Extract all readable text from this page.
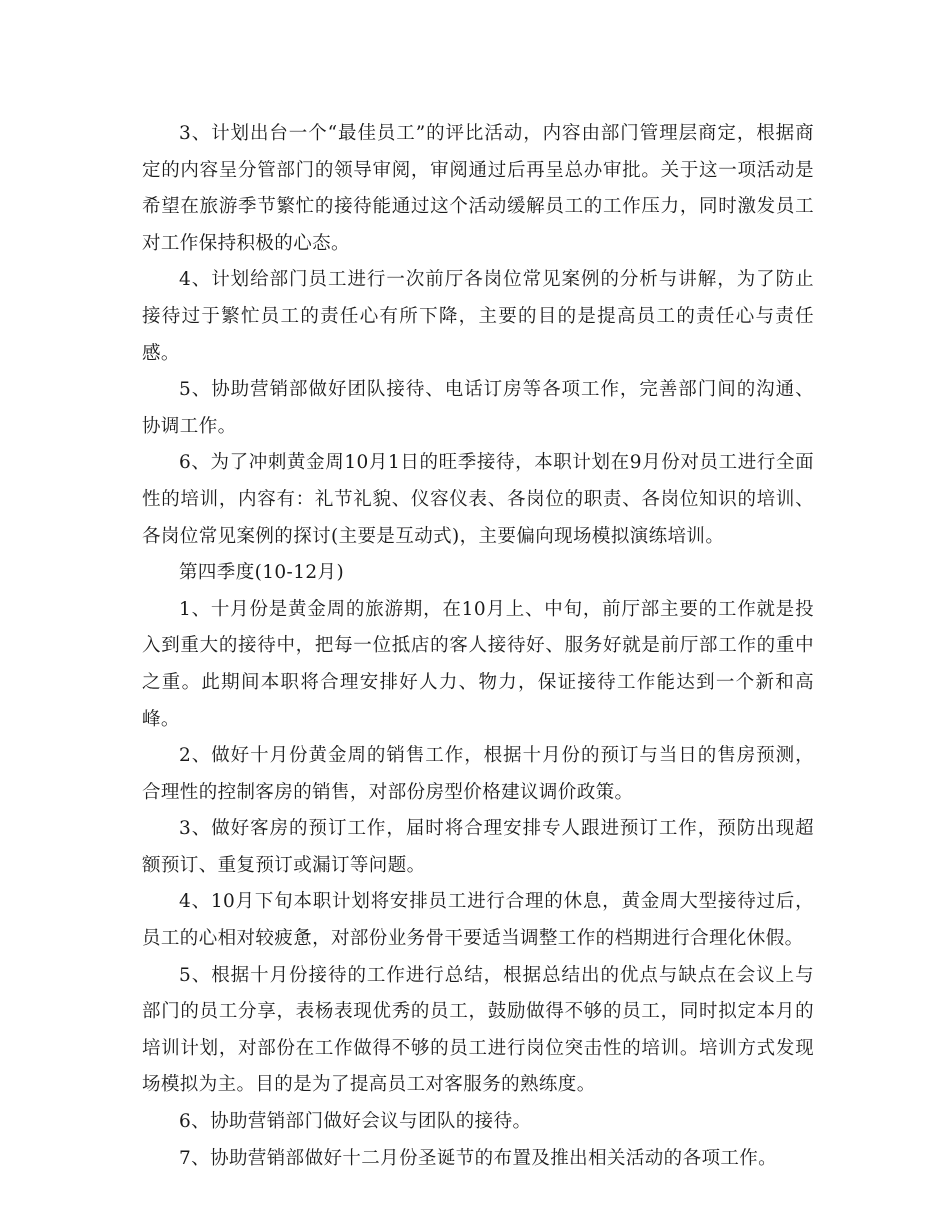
3、计划出台一个“最佳员工”的评比活动，内容由部门管理层商定，根据商定的内容呈分管部门的领导审阅，审阅通过后再呈总办审批。关于这一项活动是希望在旅游季节繁忙的接待能通过这个活动缓解员工的工作压力，同时激发员工对工作保持积极的心态。

4、计划给部门员工进行一次前厅各岗位常见案例的分析与讲解，为了防止接待过于繁忙员工的责任心有所下降，主要的目的是提高员工的责任心与责任感。

5、协助营销部做好团队接待、电话订房等各项工作，完善部门间的沟通、协调工作。

6、为了冲刺黄金周10月1日的旺季接待，本职计划在9月份对员工进行全面性的培训，内容有：礼节礼貌、仪容仪表、各岗位的职责、各岗位知识的培训、各岗位常见案例的探讨(主要是互动式)，主要偏向现场模拟演练培训。

第四季度(10-12月)

1、十月份是黄金周的旅游期，在10月上、中旬，前厅部主要的工作就是投入到重大的接待中，把每一位抵店的客人接待好、服务好就是前厅部工作的重中之重。此期间本职将合理安排好人力、物力，保证接待工作能达到一个新和高峰。

2、做好十月份黄金周的销售工作，根据十月份的预订与当日的售房预测，合理性的控制客房的销售，对部份房型价格建议调价政策。

3、做好客房的预订工作，届时将合理安排专人跟进预订工作，预防出现超额预订、重复预订或漏订等问题。

4、10月下旬本职计划将安排员工进行合理的休息，黄金周大型接待过后，员工的心相对较疲惫，对部份业务骨干要适当调整工作的档期进行合理化休假。

5、根据十月份接待的工作进行总结，根据总结出的优点与缺点在会议上与部门的员工分享，表杨表现优秀的员工，鼓励做得不够的员工，同时拟定本月的培训计划，对部份在工作做得不够的员工进行岗位突击性的培训。培训方式发现场模拟为主。目的是为了提高员工对客服务的熟练度。

6、协助营销部门做好会议与团队的接待。

7、协助营销部做好十二月份圣诞节的布置及推出相关活动的各项工作。
